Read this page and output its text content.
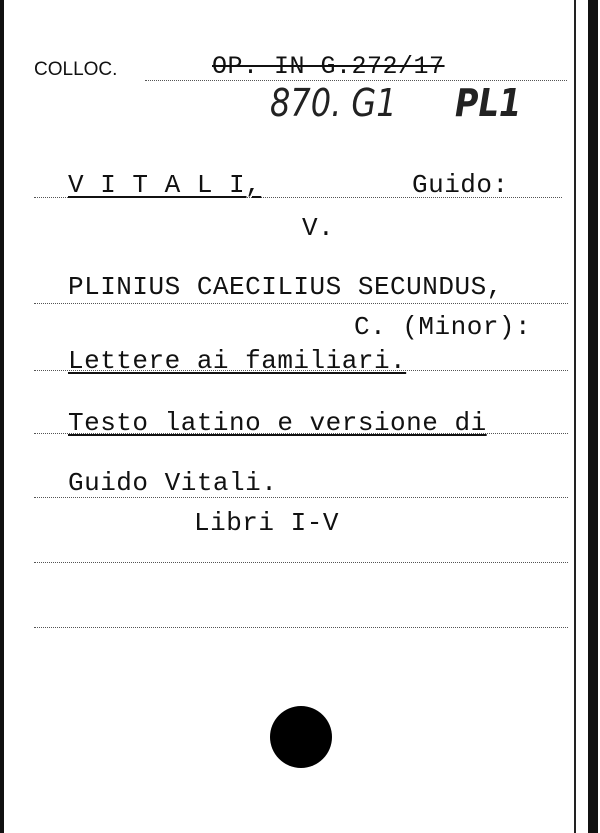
COLLOC.	OP. IN G.272/17
870. G1 PL1
V I T A L I,	Guido:
V.
PLINIUS CAECILIUS SECUNDUS,
C. (Minor):
Lettere ai familiari.
Testo latino e versione di
Guido Vitali.
Libri I-V
